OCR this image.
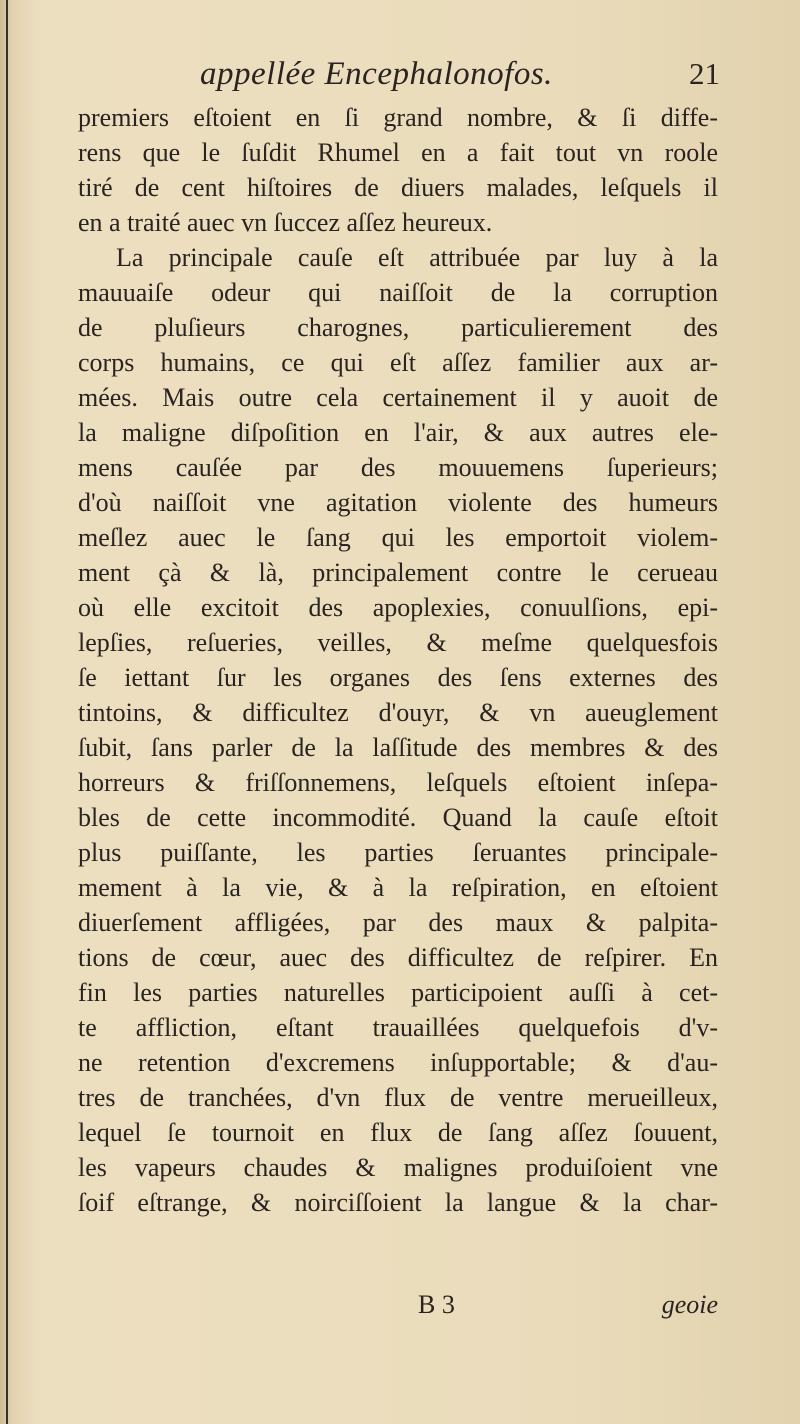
appellée Encephalonofos.	21
premiers eſtoient en ſi grand nombre, & ſi diffe-
rens que le ſuſdit Rhumel en a fait tout vn roole
tiré de cent hiſtoires de diuers malades, leſquels il
en a traité auec vn ſuccez aſſez heureux.
La principale cauſe eſt attribuée par luy à la
mauuaiſe odeur qui naiſſoit de la corruption
de pluſieurs charognes, particulierement des
corps humains, ce qui eſt aſſez familier aux ar-
mées. Mais outre cela certainement il y auoit de
la maligne diſpoſition en l'air, & aux autres ele-
mens cauſée par des mouuemens ſuperieurs;
d'où naiſſoit vne agitation violente des humeurs
meſlez auec le ſang qui les emportoit violem-
ment çà & là, principalement contre le cerueau
où elle excitoit des apoplexies, conuulſions, epi-
lepſies, reſueries, veilles, & meſme quelquesfois
ſe iettant ſur les organes des ſens externes des
tintoins, & difficultez d'ouyr, & vn aueuglement
ſubit, ſans parler de la laſſitude des membres & des
horreurs & friſſonnemens, leſquels eſtoient inſepa-
bles de cette incommodité. Quand la cauſe eſtoit
plus puiſſante, les parties ſeruantes principale-
mement à la vie, & à la reſpiration, en eſtoient
diuerſement affligées, par des maux & palpita-
tions de cœur, auec des difficultez de reſpirer. En
fin les parties naturelles participoient auſſi à cet-
te affliction, eſtant trauaillées quelquefois d'v-
ne retention d'excremens inſupportable; & d'au-
tres de tranchées, d'vn flux de ventre merueilleux,
lequel ſe tournoit en flux de ſang aſſez ſouuent,
les vapeurs chaudes & malignes produiſoient vne
ſoif eſtrange, & noirciſſoient la langue & la char-
B 3	geoie
